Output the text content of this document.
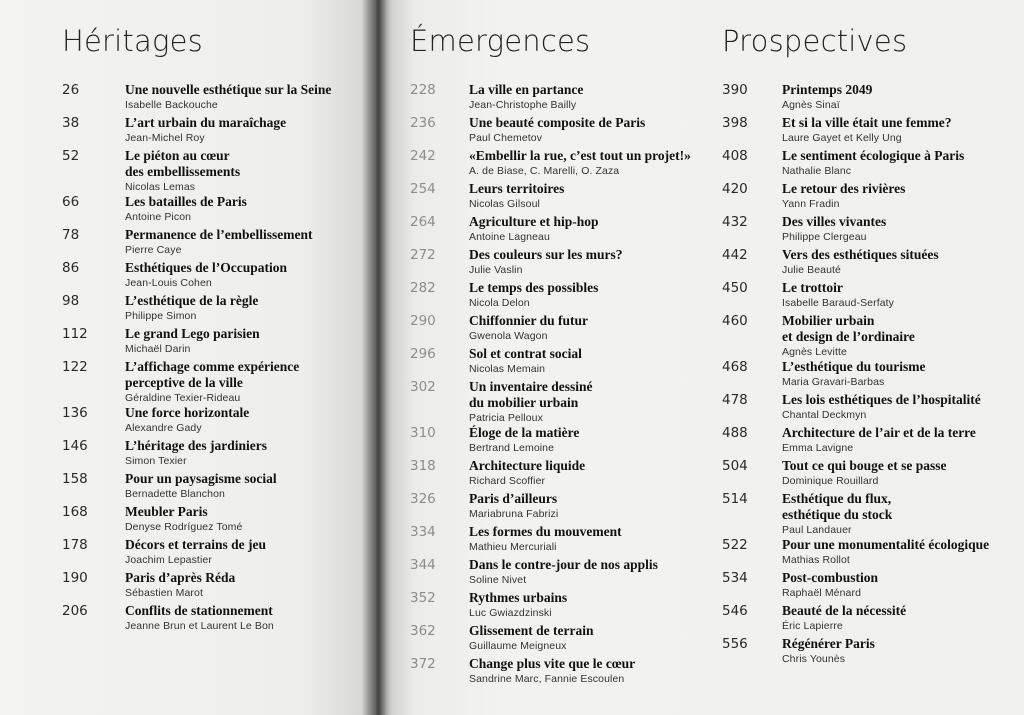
Héritages
26	Une nouvelle esthétique sur la Seine
Isabelle Backouche
38	L’art urbain du maraîchage
Jean-Michel Roy
52	Le piéton au cœur
des embellissements
Nicolas Lemas
66	Les batailles de Paris
Antoine Picon
78	Permanence de l’embellissement
Pierre Caye
86	Esthétiques de l’Occupation
Jean-Louis Cohen
98	L’esthétique de la règle
Philippe Simon
112	Le grand Lego parisien
Michaël Darin
122	L’affichage comme expérience
perceptive de la ville
Géraldine Texier-Rideau
136	Une force horizontale
Alexandre Gady
146	L’héritage des jardiniers
Simon Texier
158	Pour un paysagisme social
Bernadette Blanchon
168	Meubler Paris
Denyse Rodríguez Tomé
178	Décors et terrains de jeu
Joachim Lepastier
190	Paris d’après Réda
Sébastien Marot
206	Conflits de stationnement
Jeanne Brun et Laurent Le Bon
Émergences
228	La ville en partance
Jean-Christophe Bailly
236	Une beauté composite de Paris
Paul Chemetov
242	«Embellir la rue, c’est tout un projet!»
A. de Biase, C. Marelli, O. Zaza
254	Leurs territoires
Nicolas Gilsoul
264	Agriculture et hip-hop
Antoine Lagneau
272	Des couleurs sur les murs?
Julie Vaslin
282	Le temps des possibles
Nicola Delon
290	Chiffonnier du futur
Gwenola Wagon
296	Sol et contrat social
Nicolas Memain
302	Un inventaire dessiné
du mobilier urbain
Patricia Pelloux
310	Éloge de la matière
Bertrand Lemoine
318	Architecture liquide
Richard Scoffier
326	Paris d’ailleurs
Mariabruna Fabrizi
334	Les formes du mouvement
Mathieu Mercuriali
344	Dans le contre-jour de nos applis
Soline Nivet
352	Rythmes urbains
Luc Gwiazdzinski
362	Glissement de terrain
Guillaume Meigneux
372	Change plus vite que le cœur
Sandrine Marc, Fannie Escoulen
Prospectives
390	Printemps 2049
Agnès Sinaï
398	Et si la ville était une femme?
Laure Gayet et Kelly Ung
408	Le sentiment écologique à Paris
Nathalie Blanc
420	Le retour des rivières
Yann Fradin
432	Des villes vivantes
Philippe Clergeau
442	Vers des esthétiques situées
Julie Beauté
450	Le trottoir
Isabelle Baraud-Serfaty
460	Mobilier urbain
et design de l’ordinaire
Agnès Levitte
468	L’esthétique du tourisme
Maria Gravari-Barbas
478	Les lois esthétiques de l’hospitalité
Chantal Deckmyn
488	Architecture de l’air et de la terre
Emma Lavigne
504	Tout ce qui bouge et se passe
Dominique Rouillard
514	Esthétique du flux,
esthétique du stock
Paul Landauer
522	Pour une monumentalité écologique
Mathias Rollot
534	Post-combustion
Raphaël Ménard
546	Beauté de la nécessité
Éric Lapierre
556	Régénérer Paris
Chris Younès
